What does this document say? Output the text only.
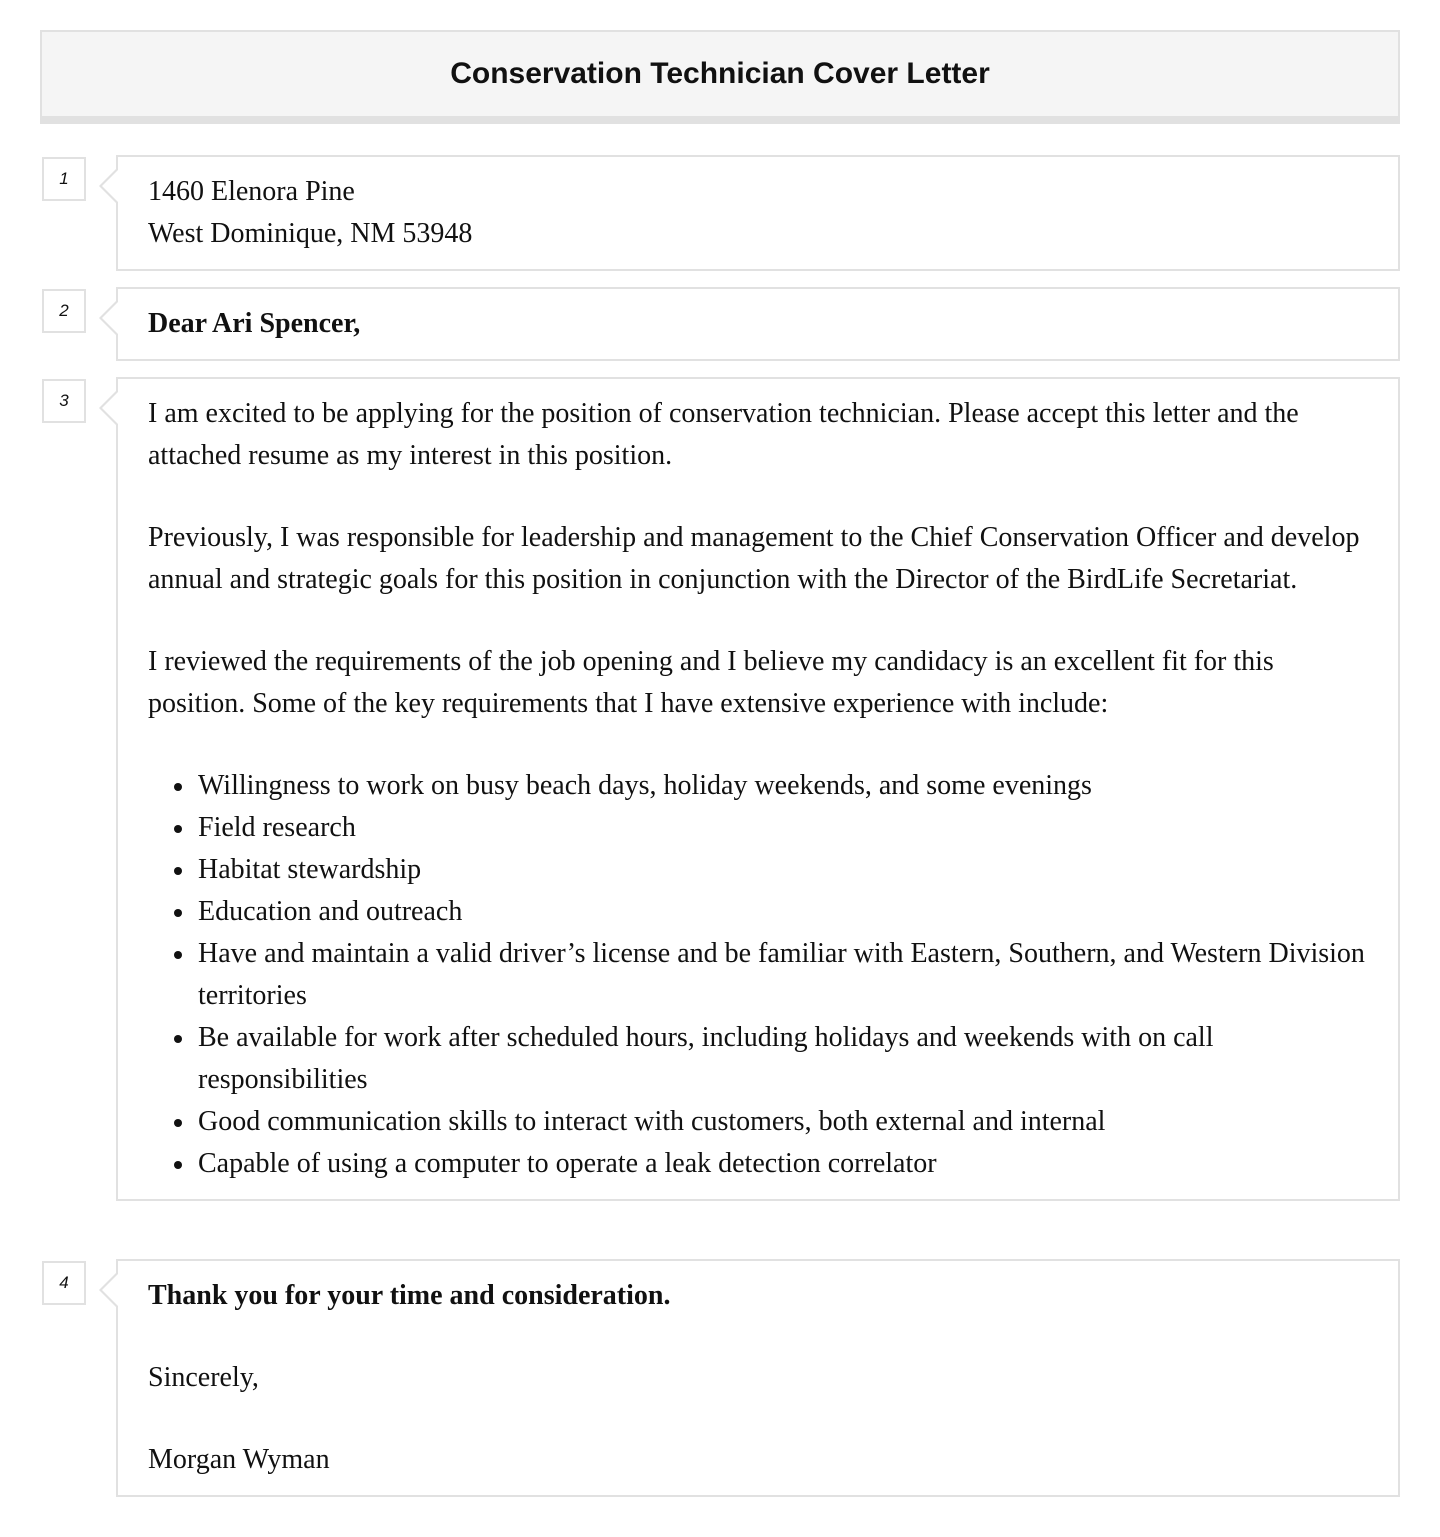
Conservation Technician Cover Letter
1	1460 Elenora Pine
West Dominique, NM 53948
2	Dear Ari Spencer,
3	I am excited to be applying for the position of conservation technician. Please accept this letter and the attached resume as my interest in this position.

Previously, I was responsible for leadership and management to the Chief Conservation Officer and develop annual and strategic goals for this position in conjunction with the Director of the BirdLife Secretariat.

I reviewed the requirements of the job opening and I believe my candidacy is an excellent fit for this position. Some of the key requirements that I have extensive experience with include:

Willingness to work on busy beach days, holiday weekends, and some evenings
Field research
Habitat stewardship
Education and outreach
Have and maintain a valid driver’s license and be familiar with Eastern, Southern, and Western Division territories
Be available for work after scheduled hours, including holidays and weekends with on call responsibilities
Good communication skills to interact with customers, both external and internal
Capable of using a computer to operate a leak detection correlator
4	Thank you for your time and consideration.

Sincerely,

Morgan Wyman
